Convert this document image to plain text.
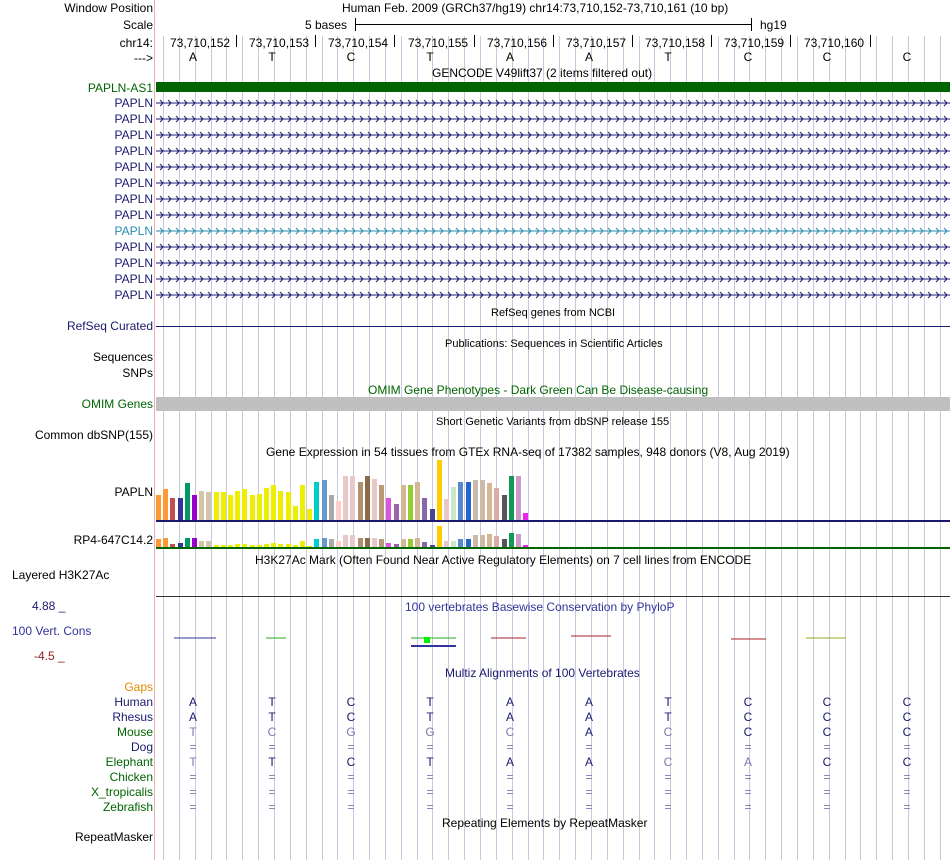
Window Position	Human Feb. 2009 (GRCh37/hg19) chr14:73,710,152-73,710,161 (10 bp)
Scale	5 bases	hg19
chr14: 73,710,152 73,710,153 73,710,154 73,710,155 73,710,156 73,710,157 73,710,158 73,710,159 73,710,160
--->	A	T	C	T	A	A	T	C	C	C
GENCODE V49lift37 (2 items filtered out)
PAPLN-AS1
PAPLN
PAPLN
PAPLN
PAPLN
PAPLN
PAPLN
PAPLN
PAPLN
PAPLN
PAPLN
PAPLN
PAPLN
PAPLN
RefSeq genes from NCBI
RefSeq Curated
Publications: Sequences in Scientific Articles
Sequences
SNPs
OMIM Gene Phenotypes - Dark Green Can Be Disease-causing
OMIM Genes
Short Genetic Variants from dbSNP release 155
Common dbSNP(155)
Gene Expression in 54 tissues from GTEx RNA-seq of 17382 samples, 948 donors (V8, Aug 2019)
PAPLN
RP4-647C14.2
H3K27Ac Mark (Often Found Near Active Regulatory Elements) on 7 cell lines from ENCODE
Layered H3K27Ac
4.88 _	100 vertebrates Basewise Conservation by PhyloP
100 Vert. Cons
-4.5 _
Multiz Alignments of 100 Vertebrates
Gaps
Human	A	T	C	T	A	A	T	C	C	C
Rhesus	A	T	C	T	A	A	T	C	C	C
Mouse	T	C	G	G	C	A	C	C	C	C
Dog	=	=	=	=	=	=	=	=	=	=
Elephant	T	T	C	T	A	A	C	A	C	C
Chicken	=	=	=	=	=	=	=	=	=	=
X_tropicalis	=	=	=	=	=	=	=	=	=	=
Zebrafish	=	=	=	=	=	=	=	=	=	=
Repeating Elements by RepeatMasker
RepeatMasker
